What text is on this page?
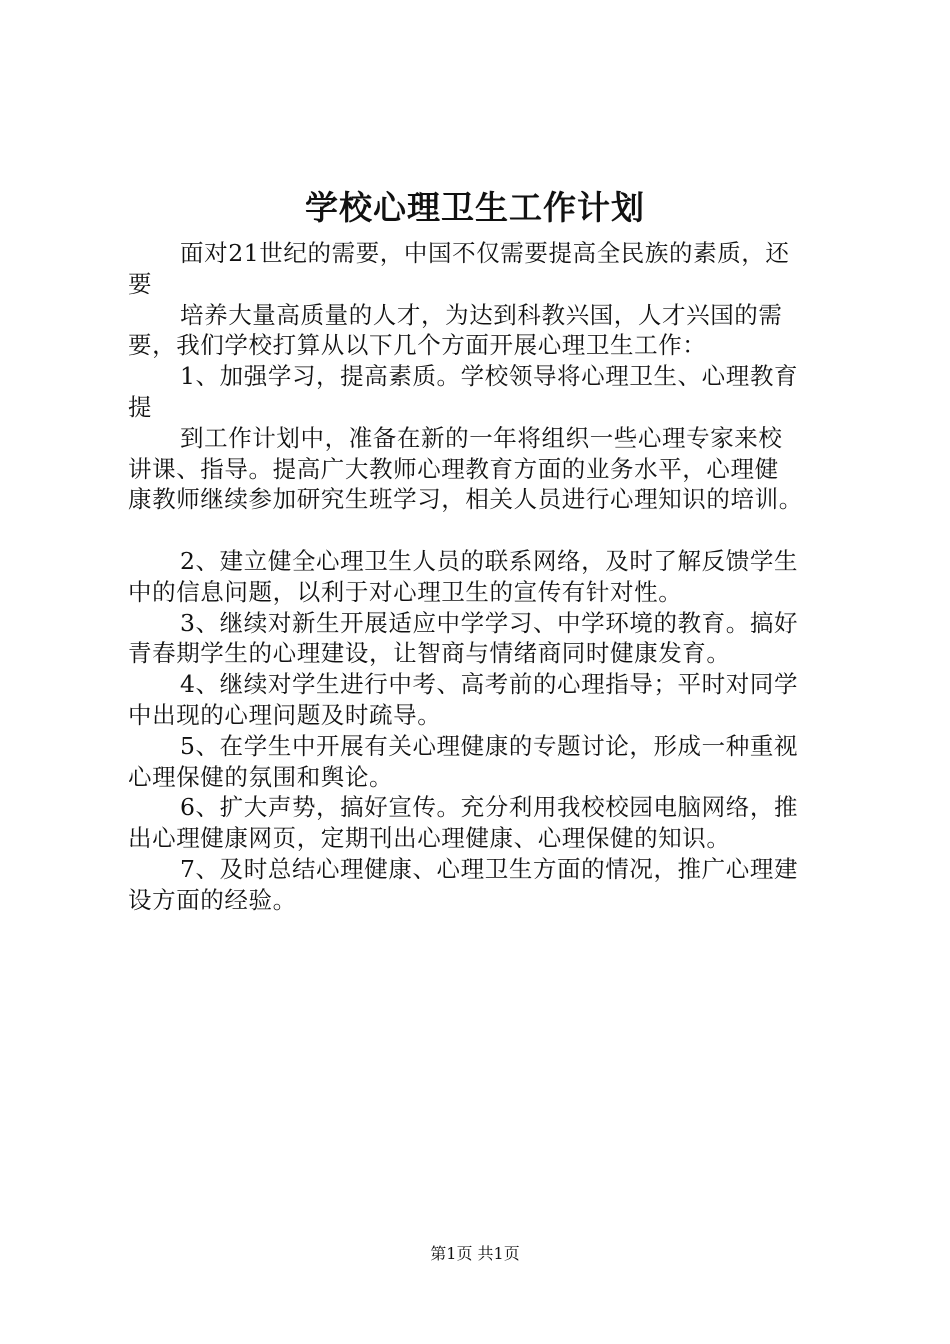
学校心理卫生工作计划
面对21世纪的需要，中国不仅需要提高全民族的素质，还
要
培养大量高质量的人才，为达到科教兴国，人才兴国的需
要，我们学校打算从以下几个方面开展心理卫生工作：
1、加强学习，提高素质。学校领导将心理卫生、心理教育
提
到工作计划中，准备在新的一年将组织一些心理专家来校
讲课、指导。提高广大教师心理教育方面的业务水平，心理健
康教师继续参加研究生班学习，相关人员进行心理知识的培训。
2、建立健全心理卫生人员的联系网络，及时了解反馈学生
中的信息问题，以利于对心理卫生的宣传有针对性。
3、继续对新生开展适应中学学习、中学环境的教育。搞好
青春期学生的心理建设，让智商与情绪商同时健康发育。
4、继续对学生进行中考、高考前的心理指导；平时对同学
中出现的心理问题及时疏导。
5、在学生中开展有关心理健康的专题讨论，形成一种重视
心理保健的氛围和舆论。
6、扩大声势，搞好宣传。充分利用我校校园电脑网络，推
出心理健康网页，定期刊出心理健康、心理保健的知识。
7、及时总结心理健康、心理卫生方面的情况，推广心理建
设方面的经验。
第1页 共1页
